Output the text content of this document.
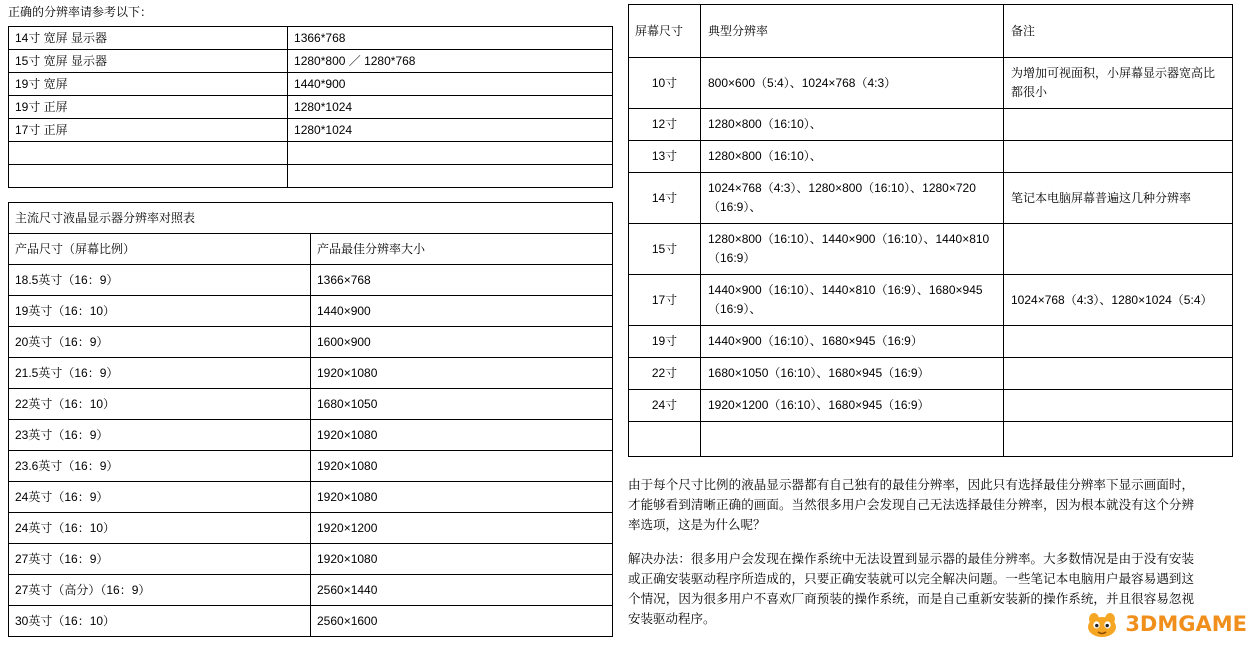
正确的分辨率请参考以下：
14寸 宽屏 显示器	1366*768
15寸 宽屏 显示器	1280*800 ／ 1280*768
19寸 宽屏	1440*900
19寸 正屏	1280*1024
17寸 正屏	1280*1024

主流尺寸液晶显示器分辨率对照表	
产品尺寸（屏幕比例）	产品最佳分辨率大小
18.5英寸（16：9）	1366×768
19英寸（16：10）	1440×900
20英寸（16：9）	1600×900
21.5英寸（16：9）	1920×1080
22英寸（16：10）	1680×1050
23英寸（16：9）	1920×1080
23.6英寸（16：9）	1920×1080
24英寸（16：9）	1920×1080
24英寸（16：10）	1920×1200
27英寸（16：9）	1920×1080
27英寸（高分）（16：9）	2560×1440
30英寸（16：10）	2560×1600
屏幕尺寸	典型分辨率	备注
10寸	800×600（5:4）、1024×768（4:3）	为增加可视面积，小屏幕显示器宽高比都很小
12寸	1280×800（16:10）、	
13寸	1280×800（16:10）、	
14寸	1024×768（4:3）、1280×800（16:10）、1280×720（16:9）、	笔记本电脑屏幕普遍这几种分辨率
15寸	1280×800（16:10）、1440×900（16:10）、1440×810（16:9）	
17寸	1440×900（16:10）、1440×810（16:9）、1680×945（16:9）、	1024×768（4:3）、1280×1024（5:4）
19寸	1440×900（16:10）、1680×945（16:9）	
22寸	1680×1050（16:10）、1680×945（16:9）	
24寸	1920×1200（16:10）、1680×945（16:9）	

由于每个尺寸比例的液晶显示器都有自己独有的最佳分辨率，因此只有选择最佳分辨率下显示画面时，才能够看到清晰正确的画面。当然很多用户会发现自己无法选择最佳分辨率，因为根本就没有这个分辨率选项，这是为什么呢？
解决办法：很多用户会发现在操作系统中无法设置到显示器的最佳分辨率。大多数情况是由于没有安装或正确安装驱动程序所造成的，只要正确安装就可以完全解决问题。一些笔记本电脑用户最容易遇到这个情况，因为很多用户不喜欢厂商预装的操作系统，而是自己重新安装新的操作系统，并且很容易忽视安装驱动程序。	3DMGAME
